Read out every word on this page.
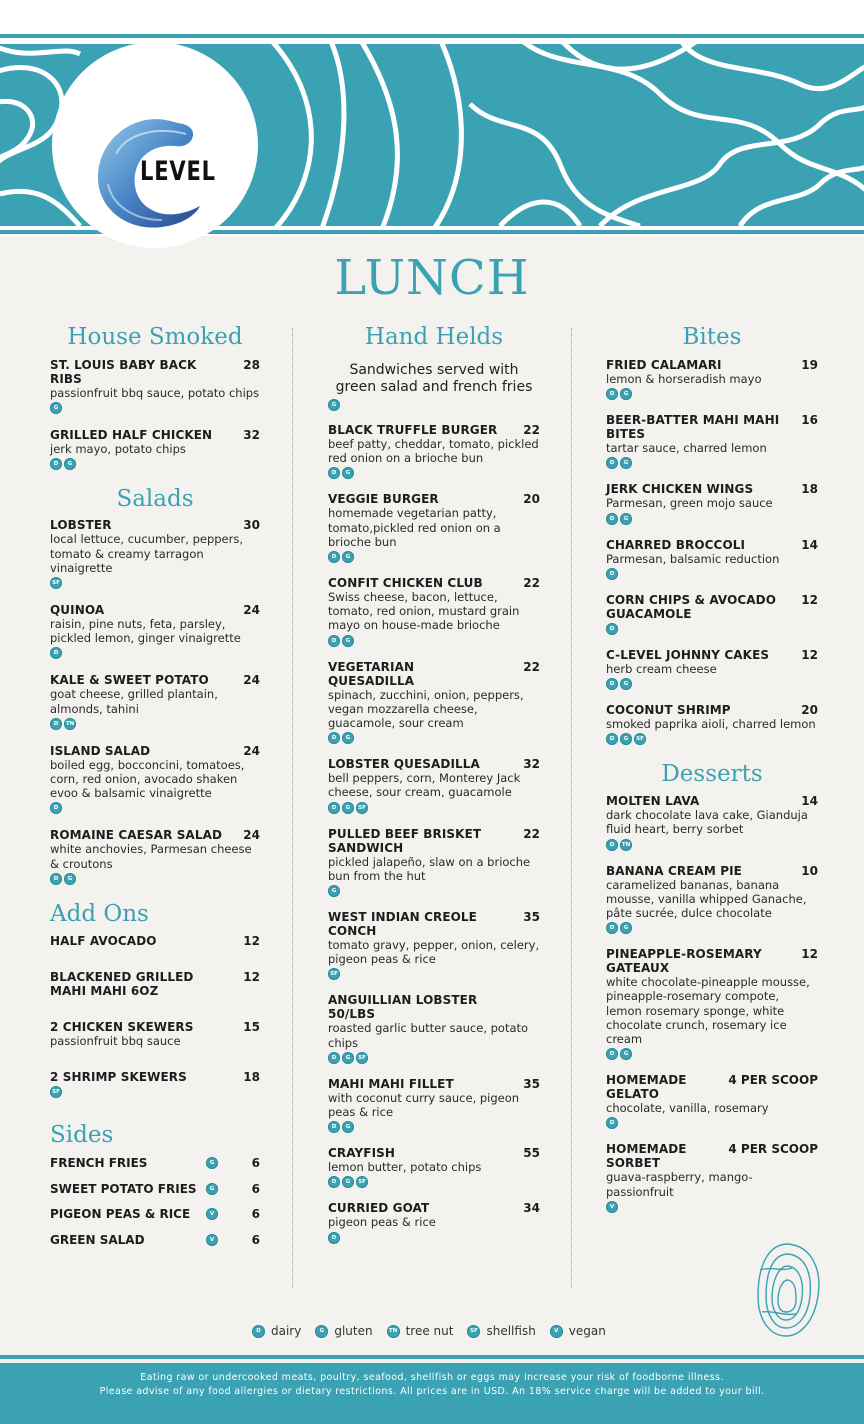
LEVEL
LUNCH
House Smoked
ST. LOUIS BABY BACK RIBS
28
passionfruit bbq sauce, potato chips
G
GRILLED HALF CHICKEN	32
jerk mayo, potato chips
D	G
Salads
LOBSTER	30
local lettuce, cucumber, peppers, tomato & creamy tarragon vinaigrette
SF
QUINOA	24
raisin, pine nuts, feta, parsley, pickled lemon, ginger vinaigrette
D
KALE & SWEET POTATO	24
goat cheese, grilled plantain, almonds, tahini
D	TN
ISLAND SALAD	24
boiled egg, bocconcini, tomatoes, corn, red onion, avocado shaken evoo & balsamic vinaigrette
D
ROMAINE CAESAR SALAD	24
white anchovies, Parmesan cheese & croutons
D	G
Add Ons
HALF AVOCADO	12
BLACKENED GRILLED MAHI MAHI 6OZ
12
2 CHICKEN SKEWERS	15
passionfruit bbq sauce
2 SHRIMP SKEWERS	18
SF
Sides
FRENCH FRIES	G	6
SWEET POTATO FRIES	G	6
PIGEON PEAS & RICE	V	6
GREEN SALAD	V	6
Hand Helds
Sandwiches served with green salad and french fries
G
BLACK TRUFFLE BURGER	22
beef patty, cheddar, tomato, pickled red onion on a brioche bun
D	G
VEGGIE BURGER	20
homemade vegetarian patty, tomato,pickled red onion on a brioche bun
D	G
CONFIT CHICKEN CLUB	22
Swiss cheese, bacon, lettuce, tomato, red onion, mustard grain mayo on house-made brioche
D	G
VEGETARIAN QUESADILLA
22
spinach, zucchini, onion, peppers, vegan mozzarella cheese, guacamole, sour cream
D	G
LOBSTER QUESADILLA	32
bell peppers, corn, Monterey Jack cheese, sour cream, guacamole
D	G	SF
PULLED BEEF BRISKET SANDWICH
22
pickled jalapeño, slaw on a brioche bun from the hut
G
WEST INDIAN CREOLE CONCH
35
tomato gravy, pepper, onion, celery, pigeon peas & rice
SF
ANGUILLIAN LOBSTER 50/LBS
roasted garlic butter sauce, potato chips
D	G	SF
MAHI MAHI FILLET	35
with coconut curry sauce, pigeon peas & rice
D	G
CRAYFISH	55
lemon butter, potato chips
D	G	SF
CURRIED GOAT	34
pigeon peas & rice
D
Bites
FRIED CALAMARI	19
lemon & horseradish mayo
D	G
BEER-BATTER MAHI MAHI BITES
16
tartar sauce, charred lemon
D	G
JERK CHICKEN WINGS	18
Parmesan, green mojo sauce
D	G
CHARRED BROCCOLI	14
Parmesan, balsamic reduction
D
CORN CHIPS & AVOCADO GUACAMOLE
12
D
C-LEVEL JOHNNY CAKES	12
herb cream cheese
D	G
COCONUT SHRIMP	20
smoked paprika aioli, charred lemon
D	G	SF
Desserts
MOLTEN LAVA	14
dark chocolate lava cake, Gianduja fluid heart, berry sorbet
D	TN
BANANA CREAM PIE	10
caramelized bananas, banana mousse, vanilla whipped Ganache, pâte sucrée, dulce chocolate
D	G
PINEAPPLE-ROSEMARY GATEAUX
12
white chocolate-pineapple mousse, pineapple-rosemary compote, lemon rosemary sponge, white chocolate crunch, rosemary ice cream
D	G
HOMEMADE GELATO
4 PER SCOOP
chocolate, vanilla, rosemary
D
HOMEMADE SORBET
4 PER SCOOP
guava-raspberry, mango-passionfruit
V
D dairy	G gluten	TN tree nut	SF shellfish	V vegan
Eating raw or undercooked meats, poultry, seafood, shellfish or eggs may increase your risk of foodborne illness.
Please advise of any food allergies or dietary restrictions. All prices are in USD. An 18% service charge will be added to your bill.
